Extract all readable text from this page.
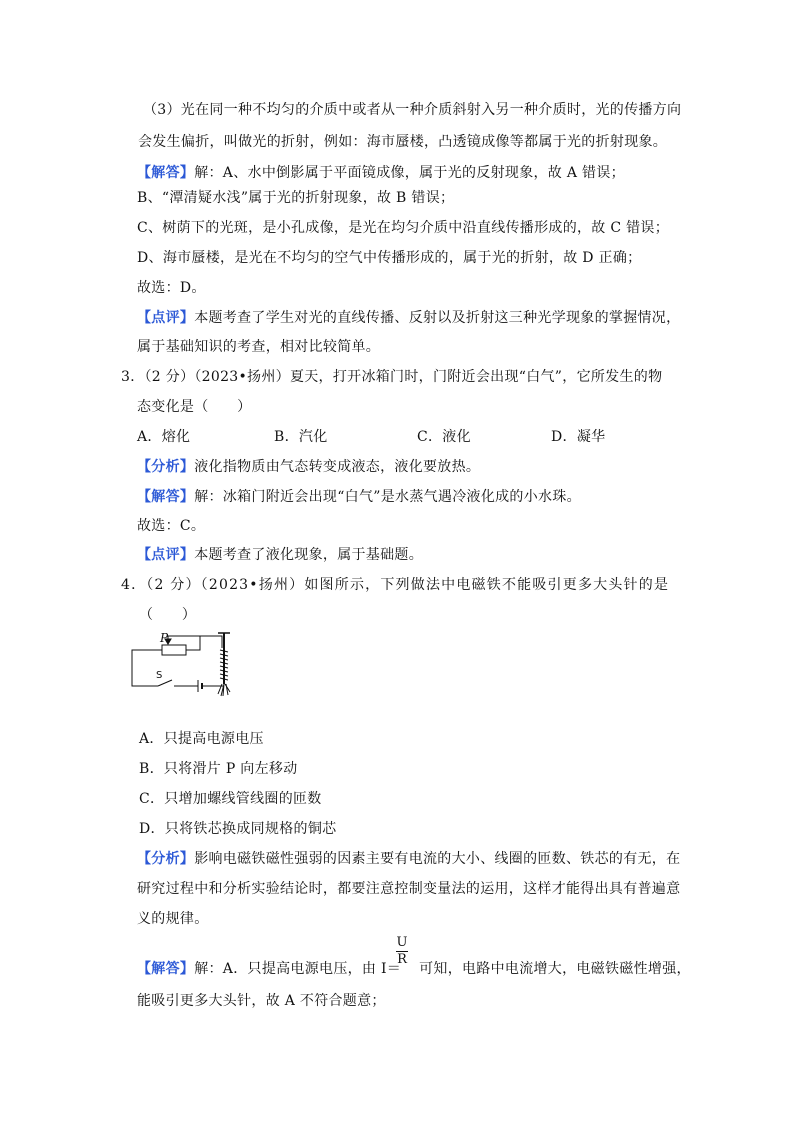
（3）光在同一种不均匀的介质中或者从一种介质斜射入另一种介质时，光的传播方向
会发生偏折，叫做光的折射，例如：海市蜃楼，凸透镜成像等都属于光的折射现象。
【解答】解：A、水中倒影属于平面镜成像，属于光的反射现象，故 A 错误；
B、“潭清疑水浅”属于光的折射现象，故 B 错误；
C、树荫下的光斑，是小孔成像，是光在均匀介质中沿直线传播形成的，故 C 错误；
D、海市蜃楼，是光在不均匀的空气中传播形成的，属于光的折射，故 D 正确；
故选：D。
【点评】本题考查了学生对光的直线传播、反射以及折射这三种光学现象的掌握情况，
属于基础知识的考查，相对比较简单。
3．（2 分）（2023•扬州）夏天，打开冰箱门时，门附近会出现“白气”，它所发生的物
态变化是（　　）
A．熔化	B．汽化	C．液化	D．凝华
【分析】液化指物质由气态转变成液态，液化要放热。
【解答】解：冰箱门附近会出现“白气”是水蒸气遇冷液化成的小水珠。
故选：C。
【点评】本题考查了液化现象，属于基础题。
4．（2 分）（2023•扬州）如图所示，下列做法中电磁铁不能吸引更多大头针的是
（　　）
P
S
A．只提高电源电压
B．只将滑片 P 向左移动
C．只增加螺线管线圈的匝数
D．只将铁芯换成同规格的铜芯
【分析】影响电磁铁磁性强弱的因素主要有电流的大小、线圈的匝数、铁芯的有无，在
研究过程中和分析实验结论时，都要注意控制变量法的运用，这样才能得出具有普遍意
义的规律。
【解答】解：A．只提高电源电压，由 I＝ 可知，电路中电流增大，电磁铁磁性增强，
U
R
能吸引更多大头针，故 A 不符合题意；
